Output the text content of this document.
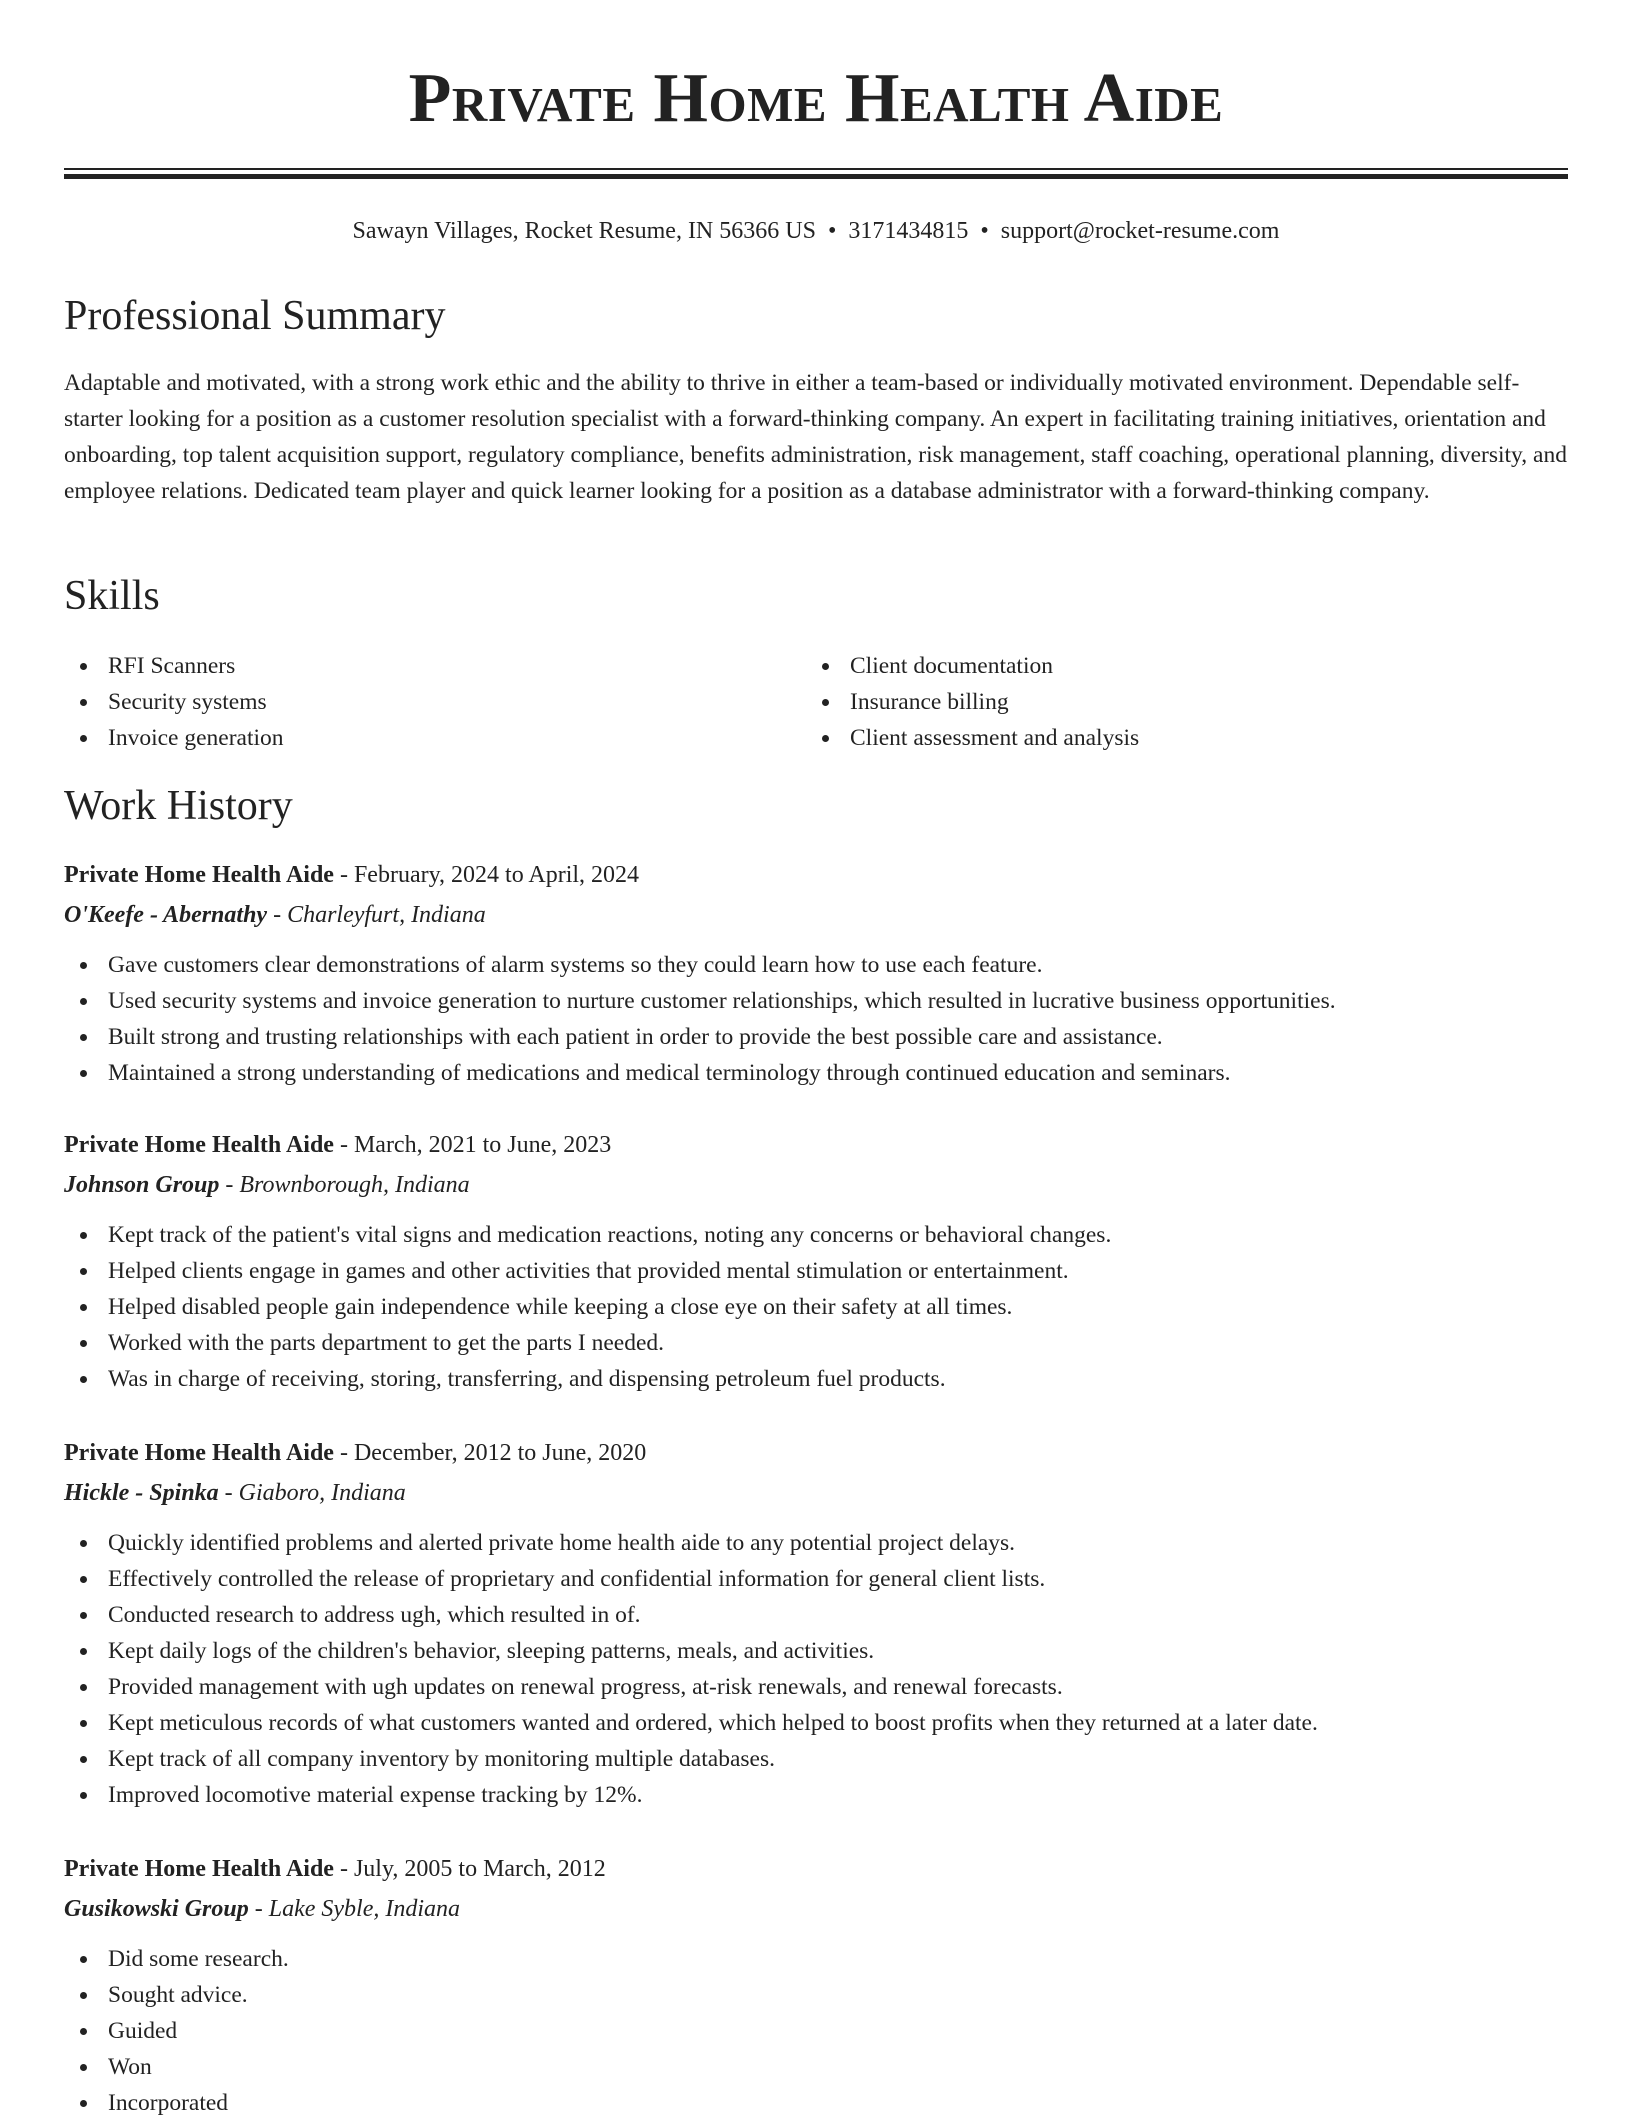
Private Home Health Aide
Sawayn Villages, Rocket Resume, IN 56366 US • 3171434815 • support@rocket-resume.com
Professional Summary

Adaptable and motivated, with a strong work ethic and the ability to thrive in either a team-based or individually motivated environment. Dependable self-starter looking for a position as a customer resolution specialist with a forward-thinking company. An expert in facilitating training initiatives, orientation and onboarding, top talent acquisition support, regulatory compliance, benefits administration, risk management, staff coaching, operational planning, diversity, and employee relations. Dedicated team player and quick learner looking for a position as a database administrator with a forward-thinking company.

Skills
RFI Scanners
Security systems
Invoice generation
Client documentation
Insurance billing
Client assessment and analysis
Work History
Private Home Health Aide - February, 2024 to April, 2024
O'Keefe - Abernathy - Charleyfurt, Indiana
Gave customers clear demonstrations of alarm systems so they could learn how to use each feature.
Used security systems and invoice generation to nurture customer relationships, which resulted in lucrative business opportunities.
Built strong and trusting relationships with each patient in order to provide the best possible care and assistance.
Maintained a strong understanding of medications and medical terminology through continued education and seminars.
Private Home Health Aide - March, 2021 to June, 2023
Johnson Group - Brownborough, Indiana
Kept track of the patient's vital signs and medication reactions, noting any concerns or behavioral changes.
Helped clients engage in games and other activities that provided mental stimulation or entertainment.
Helped disabled people gain independence while keeping a close eye on their safety at all times.
Worked with the parts department to get the parts I needed.
Was in charge of receiving, storing, transferring, and dispensing petroleum fuel products.
Private Home Health Aide - December, 2012 to June, 2020
Hickle - Spinka - Giaboro, Indiana
Quickly identified problems and alerted private home health aide to any potential project delays.
Effectively controlled the release of proprietary and confidential information for general client lists.
Conducted research to address ugh, which resulted in of.
Kept daily logs of the children's behavior, sleeping patterns, meals, and activities.
Provided management with ugh updates on renewal progress, at-risk renewals, and renewal forecasts.
Kept meticulous records of what customers wanted and ordered, which helped to boost profits when they returned at a later date.
Kept track of all company inventory by monitoring multiple databases.
Improved locomotive material expense tracking by 12%.
Private Home Health Aide - July, 2005 to March, 2012
Gusikowski Group - Lake Syble, Indiana
Did some research.
Sought advice.
Guided
Won
Incorporated
